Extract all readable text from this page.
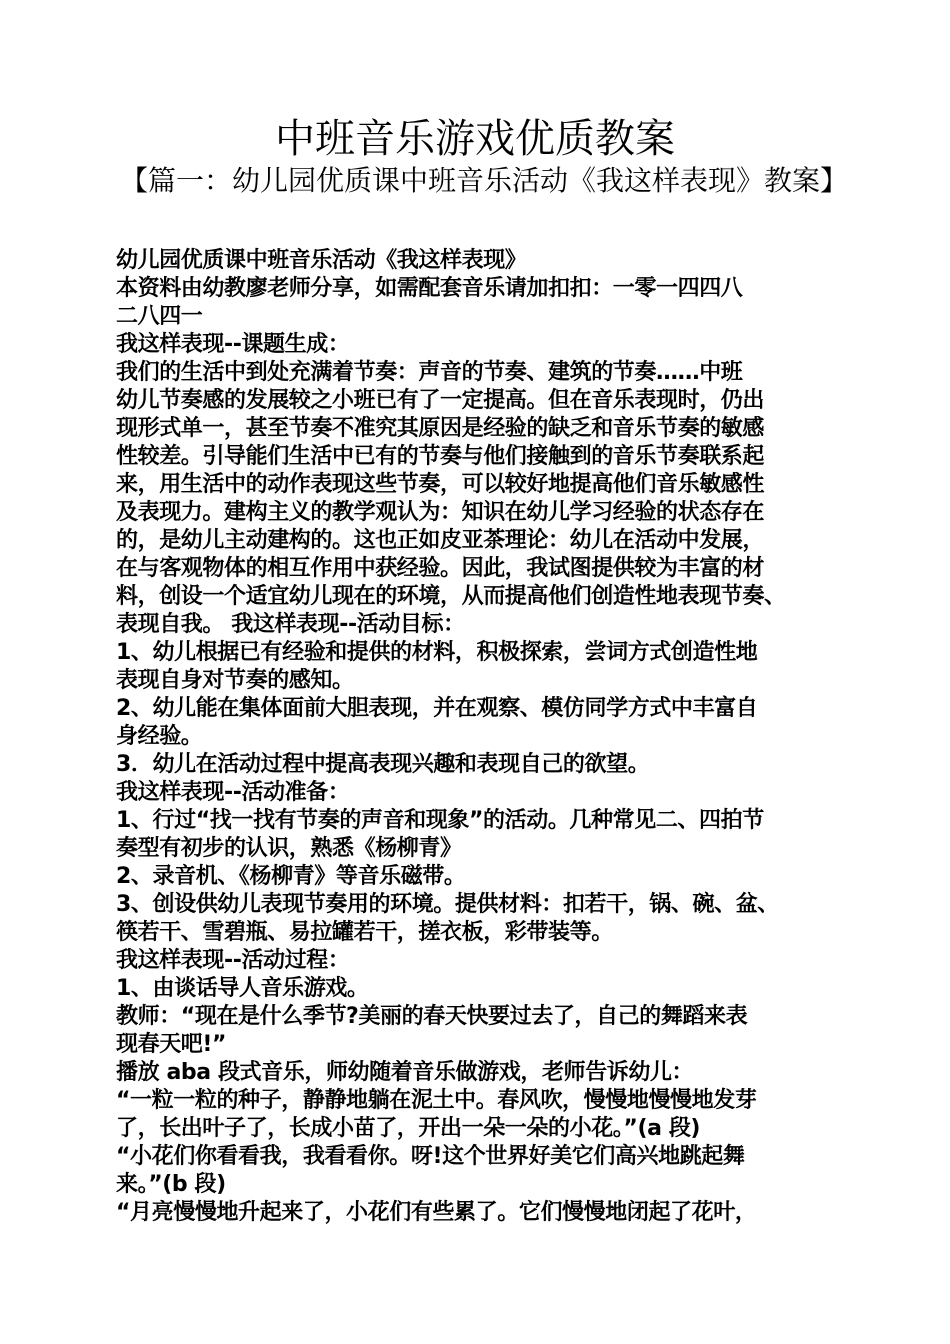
中班音乐游戏优质教案
【篇一：幼儿园优质课中班音乐活动《我这样表现》教案】
幼儿园优质课中班音乐活动《我这样表现》
本资料由幼教廖老师分享，如需配套音乐请加扣扣：一零一四四八
二八四一
我这样表现--课题生成：
我们的生活中到处充满着节奏：声音的节奏、建筑的节奏……中班
幼儿节奏感的发展较之小班已有了一定提高。但在音乐表现时，仍出
现形式单一，甚至节奏不准究其原因是经验的缺乏和音乐节奏的敏感
性较差。引导能们生活中已有的节奏与他们接触到的音乐节奏联系起
来，用生活中的动作表现这些节奏，可以较好地提高他们音乐敏感性
及表现力。建构主义的教学观认为：知识在幼儿学习经验的状态存在
的，是幼儿主动建构的。这也正如皮亚茶理论：幼儿在活动中发展，
在与客观物体的相互作用中获经验。因此，我试图提供较为丰富的材
料，创设一个适宜幼儿现在的环境，从而提高他们创造性地表现节奏、
表现自我。 我这样表现--活动目标：
1、幼儿根据已有经验和提供的材料，积极探索，尝词方式创造性地
表现自身对节奏的感知。
2、幼儿能在集体面前大胆表现，并在观察、模仿同学方式中丰富自
身经验。
3．幼儿在活动过程中提高表现兴趣和表现自己的欲望。
我这样表现--活动准备：
1、行过“找一找有节奏的声音和现象”的活动。几种常见二、四拍节
奏型有初步的认识，熟悉《杨柳青》
2、录音机、《杨柳青》等音乐磁带。
3、创设供幼儿表现节奏用的环境。提供材料：扣若干，锅、碗、盆、
筷若干、雪碧瓶、易拉罐若干，搓衣板，彩带装等。
我这样表现--活动过程：
1、由谈话导人音乐游戏。
教师：“现在是什么季节?美丽的春天快要过去了，自己的舞蹈来表
现春天吧!”
播放 aba 段式音乐，师幼随着音乐做游戏，老师告诉幼儿：
“一粒一粒的种子，静静地躺在泥土中。春风吹，慢慢地慢慢地发芽
了，长出叶子了，长成小苗了，开出一朵一朵的小花。”(a 段)
“小花们你看看我，我看看你。呀!这个世界好美它们高兴地跳起舞
来。”(b 段)
“月亮慢慢地升起来了，小花们有些累了。它们慢慢地闭起了花叶，
